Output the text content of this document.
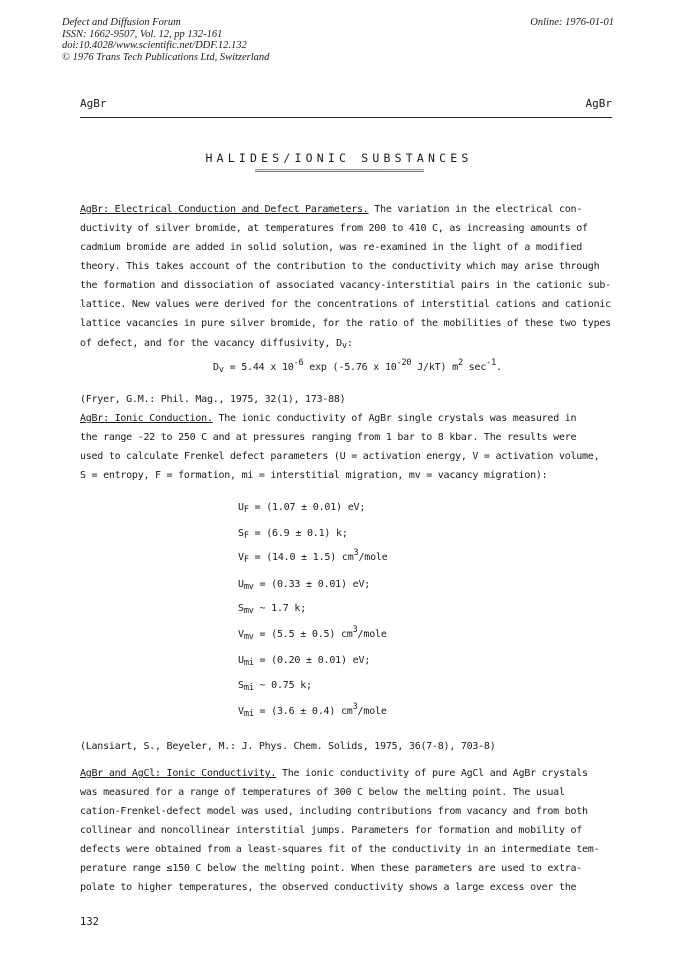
Defect and Diffusion Forum
ISSN: 1662-9507, Vol. 12, pp 132-161
doi:10.4028/www.scientific.net/DDF.12.132
© 1976 Trans Tech Publications Ltd, Switzerland
Online: 1976-01-01
AgBr	AgBr
HALIDES/IONIC SUBSTANCES
==========================================
AgBr: Electrical Conduction and Defect Parameters. The variation in the electrical con-
ductivity of silver bromide, at temperatures from 200 to 410 C, as increasing amounts of
cadmium bromide are added in solid solution, was re-examined in the light of a modified
theory. This takes account of the contribution to the conductivity which may arise through
the formation and dissociation of associated vacancy-interstitial pairs in the cationic sub-
lattice. New values were derived for the concentrations of interstitial cations and cationic
lattice vacancies in pure silver bromide, for the ratio of the mobilities of these two types
of defect, and for the vacancy diffusivity, $D_v$:
$D_v = 5.44$ x $10^{-6}$ exp (-5.76 x $10^{-20}$ J/kT) $m^2$ $\sec^{-1}$.
(Fryer, G.M.: Phil. Mag., 1975, 32(1), 173-88)
AgBr: Ionic Conduction. The ionic conductivity of AgBr single crystals was measured in
the range -22 to 250 C and at pressures ranging from 1 bar to 8 kbar. The results were
used to calculate Frenkel defect parameters (U = activation energy, V = activation volume,
S = entropy, F = formation, mi = interstitial migration, mv = vacancy migration):
$U_F = (1.07 \pm 0.01)$ eV;
$S_F = (6.9 \pm 0.1)$ k;
$V_F = (14.0 \pm 1.5)$ $cm^3$/mole
$U_{mv} = (0.33 \pm 0.01)$ eV;
$S_{mv}$ ~ 1.7 k;
$V_{mv} = (5.5 \pm 0.5)$ $cm^3$/mole
$U_{mi} = (0.20 \pm 0.01)$ eV;
$S_{mi}$ ~ 0.75 k;
$V_{mi} = (3.6 \pm 0.4)$ $cm^3$/mole
(Lansiart, S., Beyeler, M.: J. Phys. Chem. Solids, 1975, 36(7-8), 703-8)
AgBr and AgCl: Ionic Conductivity. The ionic conductivity of pure AgCl and AgBr crystals
was measured for a range of temperatures of 300 C below the melting point. The usual
cation-Frenkel-defect model was used, including contributions from vacancy and from both
collinear and noncollinear interstitial jumps. Parameters for formation and mobility of
defects were obtained from a least-squares fit of the conductivity in an intermediate tem-
perature range ≤150 C below the melting point. When these parameters are used to extra-
polate to higher temperatures, the observed conductivity shows a large excess over the
132
